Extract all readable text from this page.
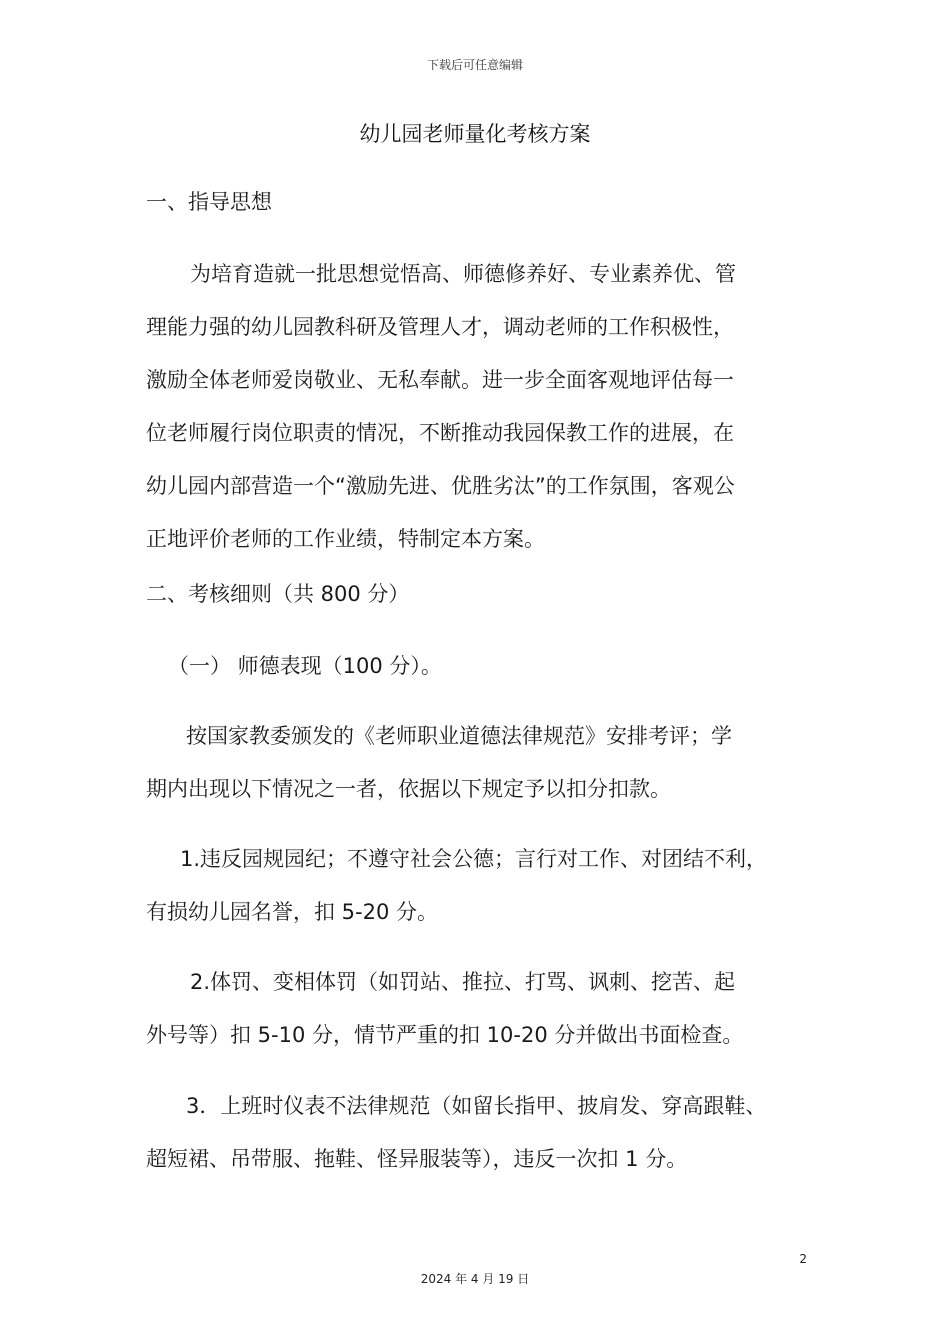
下载后可任意编辑
幼儿园老师量化考核方案
一、指导思想
为培育造就一批思想觉悟高、师德修养好、专业素养优、管
理能力强的幼儿园教科研及管理人才，调动老师的工作积极性，
激励全体老师爱岗敬业、无私奉献。进一步全面客观地评估每一
位老师履行岗位职责的情况，不断推动我园保教工作的进展，在
幼儿园内部营造一个“激励先进、优胜劣汰”的工作氛围，客观公
正地评价老师的工作业绩，特制定本方案。
二、考核细则（共 800 分）
（一） 师德表现（100 分）。
按国家教委颁发的《老师职业道德法律规范》安排考评；学
期内出现以下情况之一者，依据以下规定予以扣分扣款。
1.违反园规园纪；不遵守社会公德；言行对工作、对团结不利，
有损幼儿园名誉，扣 5-20 分。
2.体罚、变相体罚（如罚站、推拉、打骂、讽刺、挖苦、起
外号等）扣 5-10 分，情节严重的扣 10-20 分并做出书面检查。
3．上班时仪表不法律规范（如留长指甲、披肩发、穿高跟鞋、
超短裙、吊带服、拖鞋、怪异服装等），违反一次扣 1 分。
2
2024 年 4 月 19 日
